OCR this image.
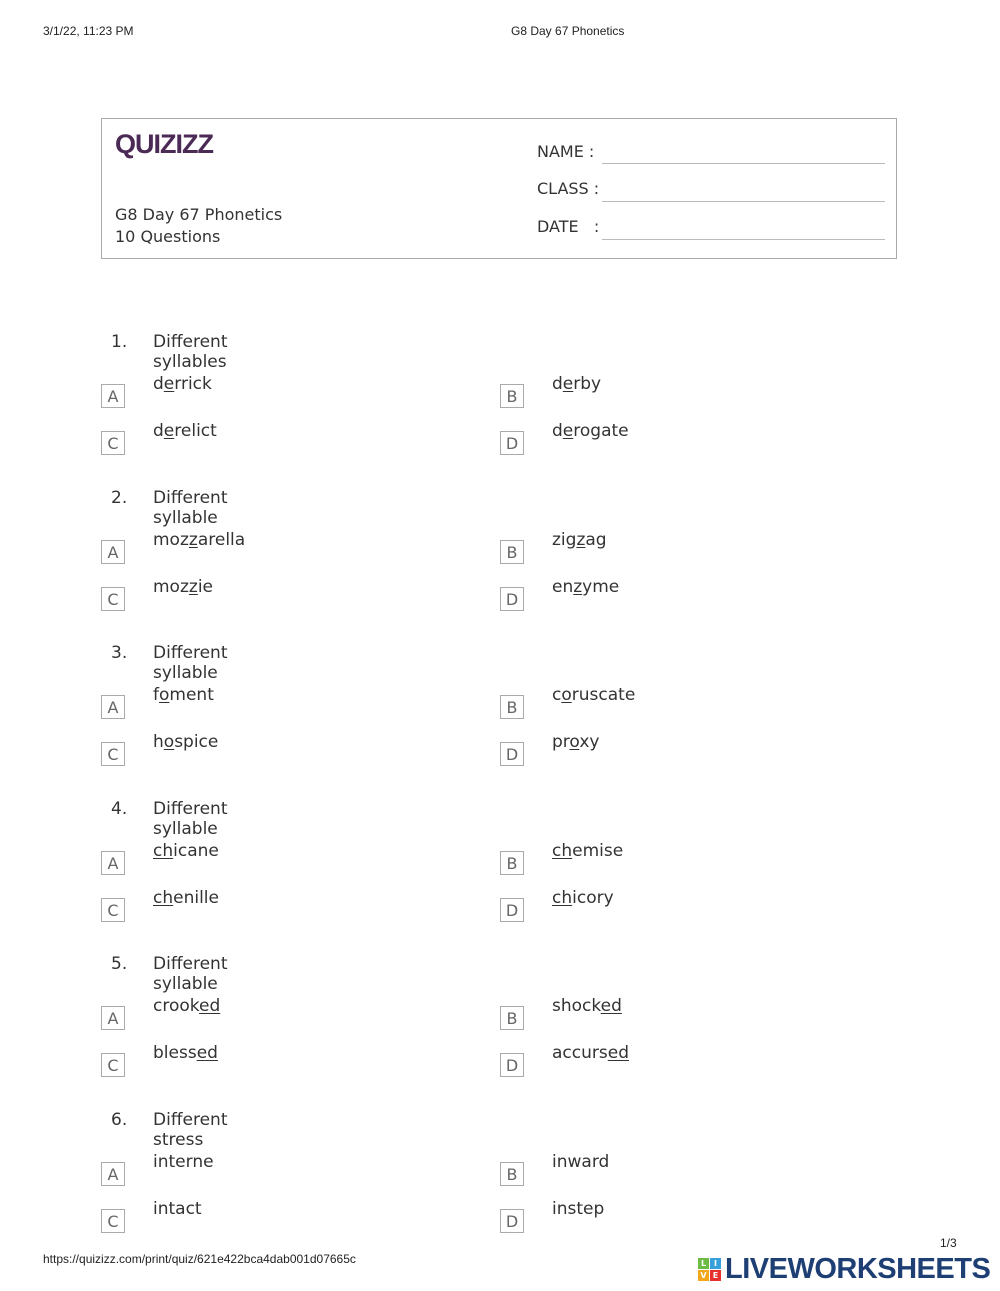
3/1/22, 11:23 PM	G8 Day 67 Phonetics
QUIZIZZ
G8 Day 67 Phonetics
10 Questions
NAME :
CLASS :
DATE   :
1. Different syllables
A
derrick
B
derby
C
derelict
D
derogate
2. Different syllable
A
mozzarella
B
zigzag
C
mozzie
D
enzyme
3. Different syllable
A
foment
B
coruscate
C
hospice
D
proxy
4. Different syllable
A
chicane
B
chemise
C
chenille
D
chicory
5. Different syllable
A
crooked
B
shocked
C
blessed
D
accursed
6. Different stress
A
interne
B
inward
C
intact
D
instep
https://quizizz.com/print/quiz/621e422bca4dab001d07665c
1/3
L I
V E LIVEWORKSHEETS
